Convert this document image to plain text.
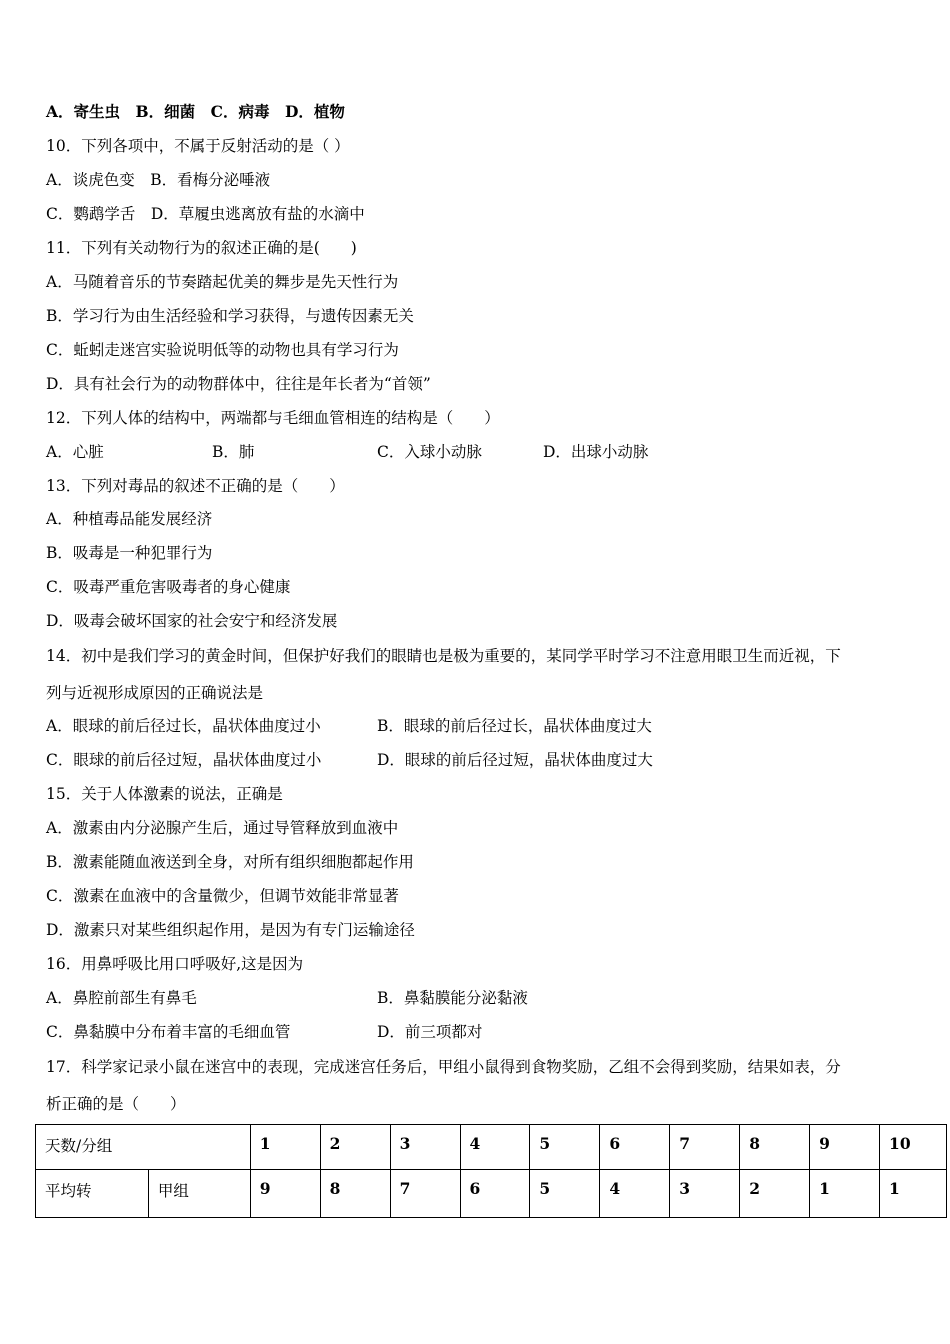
A．寄生虫　B．细菌　C．病毒　D．植物
10．下列各项中，不属于反射活动的是（ ）
A．谈虎色变　B．看梅分泌唾液
C．鹦鹉学舌　D．草履虫逃离放有盐的水滴中
11．下列有关动物行为的叙述正确的是(　　)
A．马随着音乐的节奏踏起优美的舞步是先天性行为
B．学习行为由生活经验和学习获得，与遗传因素无关
C．蚯蚓走迷宫实验说明低等的动物也具有学习行为
D．具有社会行为的动物群体中，往往是年长者为“首领”
12．下列人体的结构中，两端都与毛细血管相连的结构是（　　）
A．心脏	B．肺	C．入球小动脉	D．出球小动脉
13．下列对毒品的叙述不正确的是（　　）
A．种植毒品能发展经济
B．吸毒是一种犯罪行为
C．吸毒严重危害吸毒者的身心健康
D．吸毒会破坏国家的社会安宁和经济发展
14．初中是我们学习的黄金时间，但保护好我们的眼睛也是极为重要的，某同学平时学习不注意用眼卫生而近视，下
列与近视形成原因的正确说法是
A．眼球的前后径过长，晶状体曲度过小	B．眼球的前后径过长，晶状体曲度过大
C．眼球的前后径过短，晶状体曲度过小	D．眼球的前后径过短，晶状体曲度过大
15．关于人体激素的说法，正确是
A．激素由内分泌腺产生后，通过导管释放到血液中
B．激素能随血液送到全身，对所有组织细胞都起作用
C．激素在血液中的含量微少，但调节效能非常显著
D．激素只对某些组织起作用，是因为有专门运输途径
16．用鼻呼吸比用口呼吸好,这是因为
A．鼻腔前部生有鼻毛	B．鼻黏膜能分泌黏液
C．鼻黏膜中分布着丰富的毛细血管	D．前三项都对
17．科学家记录小鼠在迷宫中的表现，完成迷宫任务后，甲组小鼠得到食物奖励，乙组不会得到奖励，结果如表，分
析正确的是（　　）
天数/分组		1	2	3	4	5	6	7	8	9	10
平均转	甲组	9	8	7	6	5	4	3	2	1	1
